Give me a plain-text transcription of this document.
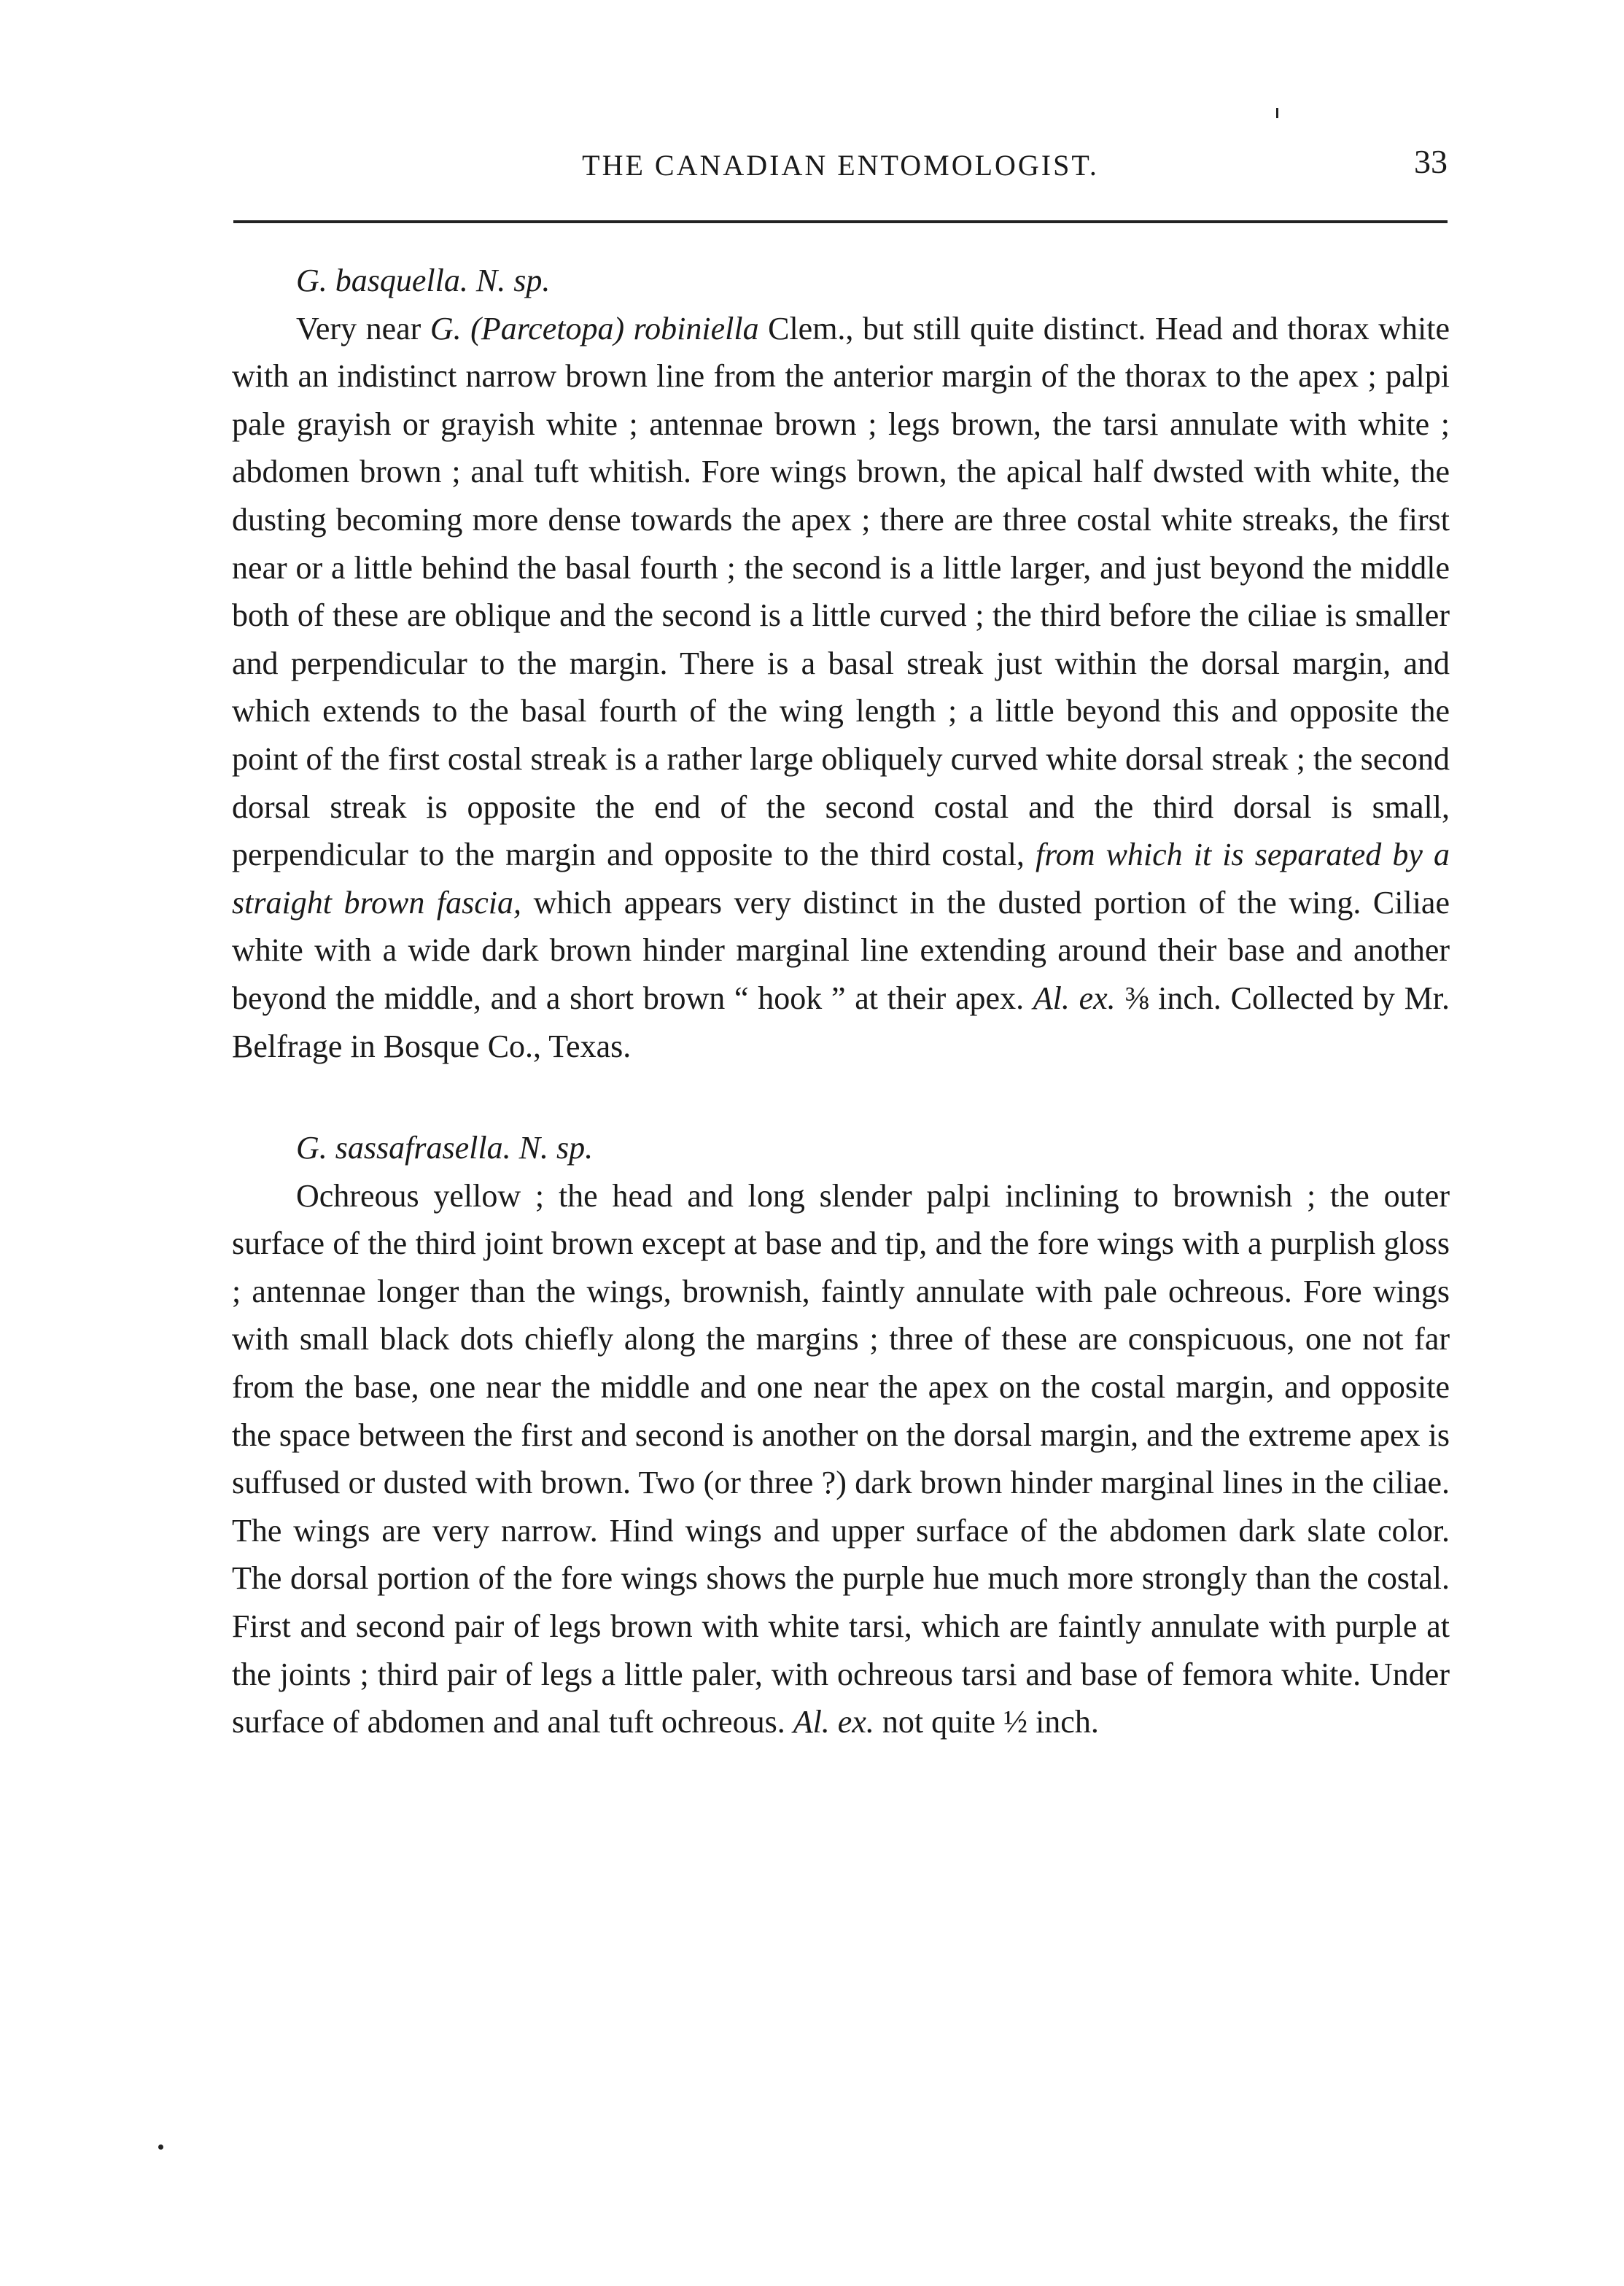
THE CANADIAN ENTOMOLOGIST.	33
G. basquella. N. sp.

Very near G. (Parcetopa) robiniella Clem., but still quite distinct. Head and thorax white with an indistinct narrow brown line from the anterior margin of the thorax to the apex ; palpi pale grayish or grayish white ; antennae brown ; legs brown, the tarsi annulate with white ; abdomen brown ; anal tuft whitish. Fore wings brown, the apical half dwsted with white, the dusting becoming more dense towards the apex ; there are three costal white streaks, the first near or a little behind the basal fourth ; the second is a little larger, and just beyond the middle both of these are oblique and the second is a little curved ; the third before the ciliae is smaller and perpendicular to the margin. There is a basal streak just within the dorsal margin, and which extends to the basal fourth of the wing length ; a little beyond this and opposite the point of the first costal streak is a rather large obliquely curved white dorsal streak ; the second dorsal streak is opposite the end of the second costal and the third dorsal is small, perpendicular to the margin and opposite to the third costal, from which it is separated by a straight brown fascia, which appears very distinct in the dusted portion of the wing. Ciliae white with a wide dark brown hinder marginal line extending around their base and another beyond the middle, and a short brown “ hook ” at their apex. Al. ex. ⅜ inch. Collected by Mr. Belfrage in Bosque Co., Texas.

G. sassafrasella. N. sp.

Ochreous yellow ; the head and long slender palpi inclining to brownish ; the outer surface of the third joint brown except at base and tip, and the fore wings with a purplish gloss ; antennae longer than the wings, brownish, faintly annulate with pale ochreous. Fore wings with small black dots chiefly along the margins ; three of these are conspicuous, one not far from the base, one near the middle and one near the apex on the costal margin, and opposite the space between the first and second is another on the dorsal margin, and the extreme apex is suffused or dusted with brown. Two (or three ?) dark brown hinder marginal lines in the ciliae. The wings are very narrow. Hind wings and upper surface of the abdomen dark slate color. The dorsal portion of the fore wings shows the purple hue much more strongly than the costal. First and second pair of legs brown with white tarsi, which are faintly annulate with purple at the joints ; third pair of legs a little paler, with ochreous tarsi and base of femora white. Under surface of abdomen and anal tuft ochreous. Al. ex. not quite ½ inch.
